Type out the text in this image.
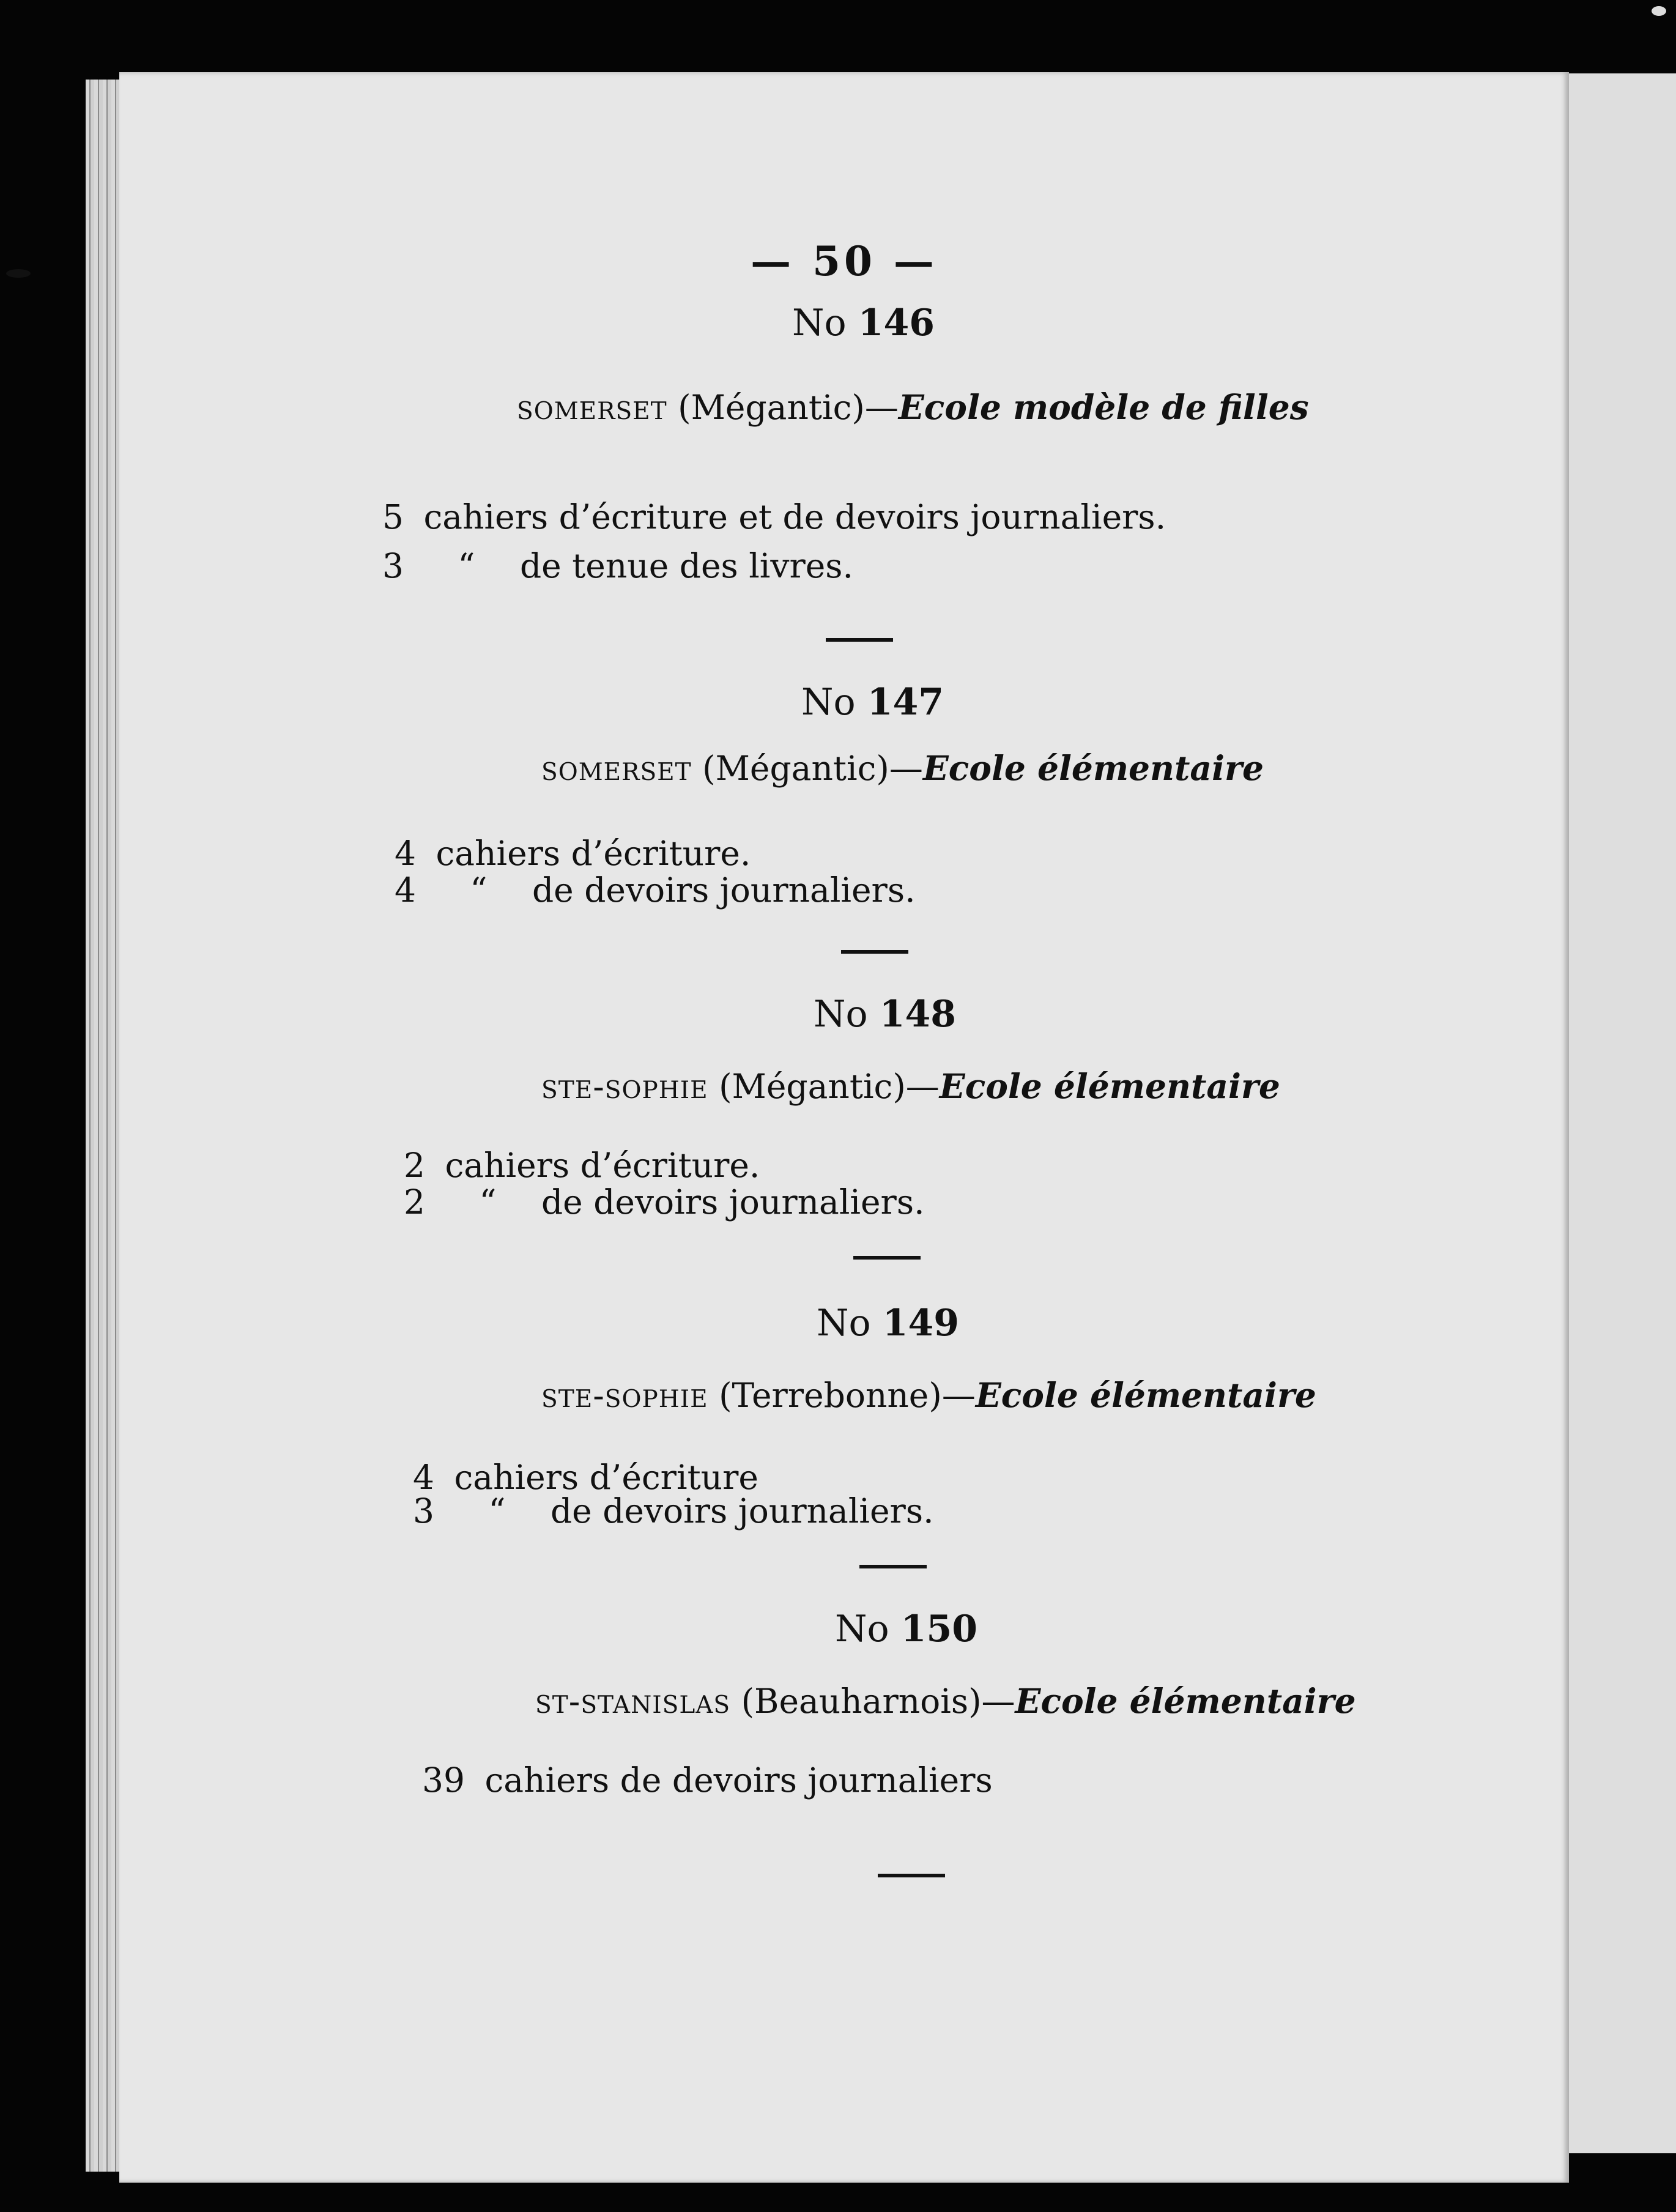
— 50 —
No 146
somerset (Mégantic)—Ecole modèle de filles
5 cahiers d’écriture et de devoirs journaliers.
3 “ de tenue des livres.
No 147
somerset (Mégantic)—Ecole élémentaire
4 cahiers d’écriture.
4 “ de devoirs journaliers.
No 148
ste-sophie (Mégantic)—Ecole élémentaire
2 cahiers d’écriture.
2 “ de devoirs journaliers.
No 149
ste-sophie (Terrebonne)—Ecole élémentaire
4 cahiers d’écriture
3 “ de devoirs journaliers.
No 150
st-stanislas (Beauharnois)—Ecole élémentaire
39 cahiers de devoirs journaliers
